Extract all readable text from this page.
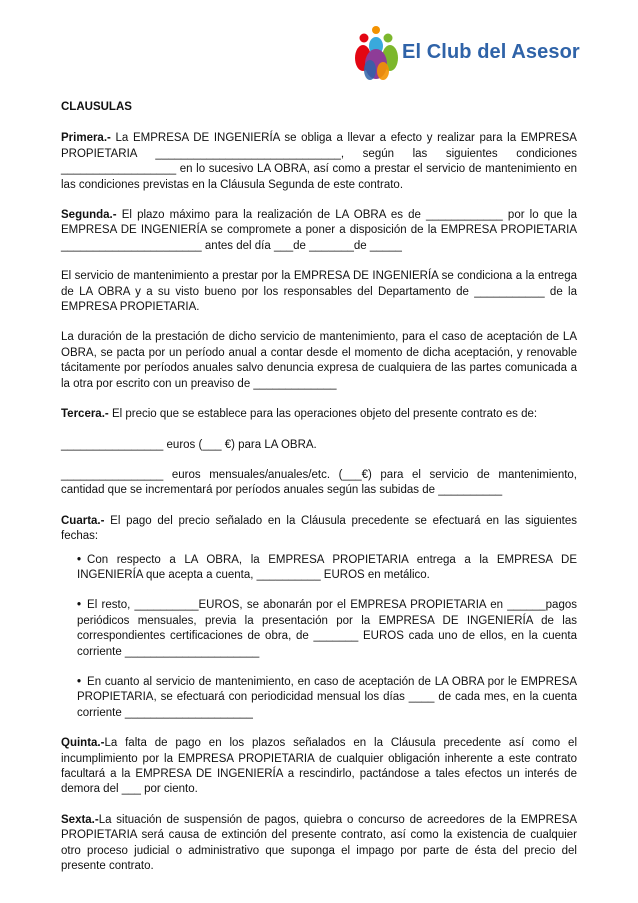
El Club del Asesor
CLAUSULAS

Primera.- La EMPRESA DE INGENIERÍA se obliga a llevar a efecto y realizar para la EMPRESA PROPIETARIA _____________________________, según las siguientes condiciones __________________ en lo sucesivo LA OBRA, así como a prestar el servicio de mantenimiento en las condiciones previstas en la Cláusula Segunda de este contrato.

Segunda.- El plazo máximo para la realización de LA OBRA es de ____________ por lo que la EMPRESA DE INGENIERÍA se compromete a poner a disposición de la EMPRESA PROPIETARIA ______________________ antes del día ___de _______de _____

El servicio de mantenimiento a prestar por la EMPRESA DE INGENIERÍA se condiciona a la entrega de LA OBRA y a su visto bueno por los responsables del Departamento de ___________ de la EMPRESA PROPIETARIA.

La duración de la prestación de dicho servicio de mantenimiento, para el caso de aceptación de LA OBRA, se pacta por un período anual a contar desde el momento de dicha aceptación, y renovable tácitamente por períodos anuales salvo denuncia expresa de cualquiera de las partes comunicada a la otra por escrito con un preaviso de _____________

Tercera.- El precio que se establece para las operaciones objeto del presente contrato es de:

________________ euros (___ €) para LA OBRA.

________________ euros mensuales/anuales/etc. (___€) para el servicio de mantenimiento, cantidad que se incrementará por períodos anuales según las subidas de __________

Cuarta.- El pago del precio señalado en la Cláusula precedente se efectuará en las siguientes fechas:

• Con respecto a LA OBRA, la EMPRESA PROPIETARIA entrega a la EMPRESA DE INGENIERÍA que acepta a cuenta, __________ EUROS en metálico.
• El resto, __________EUROS, se abonarán por el EMPRESA PROPIETARIA en ______pagos periódicos mensuales, previa la presentación por la EMPRESA DE INGENIERÍA de las correspondientes certificaciones de obra, de _______ EUROS cada uno de ellos, en la cuenta corriente _____________________
• En cuanto al servicio de mantenimiento, en caso de aceptación de LA OBRA por le EMPRESA PROPIETARIA, se efectuará con periodicidad mensual los días ____ de cada mes, en la cuenta corriente ____________________

Quinta.-La falta de pago en los plazos señalados en la Cláusula precedente así como el incumplimiento por la EMPRESA PROPIETARIA de cualquier obligación inherente a este contrato facultará a la EMPRESA DE INGENIERÍA a rescindirlo, pactándose a tales efectos un interés de demora del ___ por ciento.

Sexta.-La situación de suspensión de pagos, quiebra o concurso de acreedores de la EMPRESA PROPIETARIA será causa de extinción del presente contrato, así como la existencia de cualquier otro proceso judicial o administrativo que suponga el impago por parte de ésta del precio del presente contrato.
